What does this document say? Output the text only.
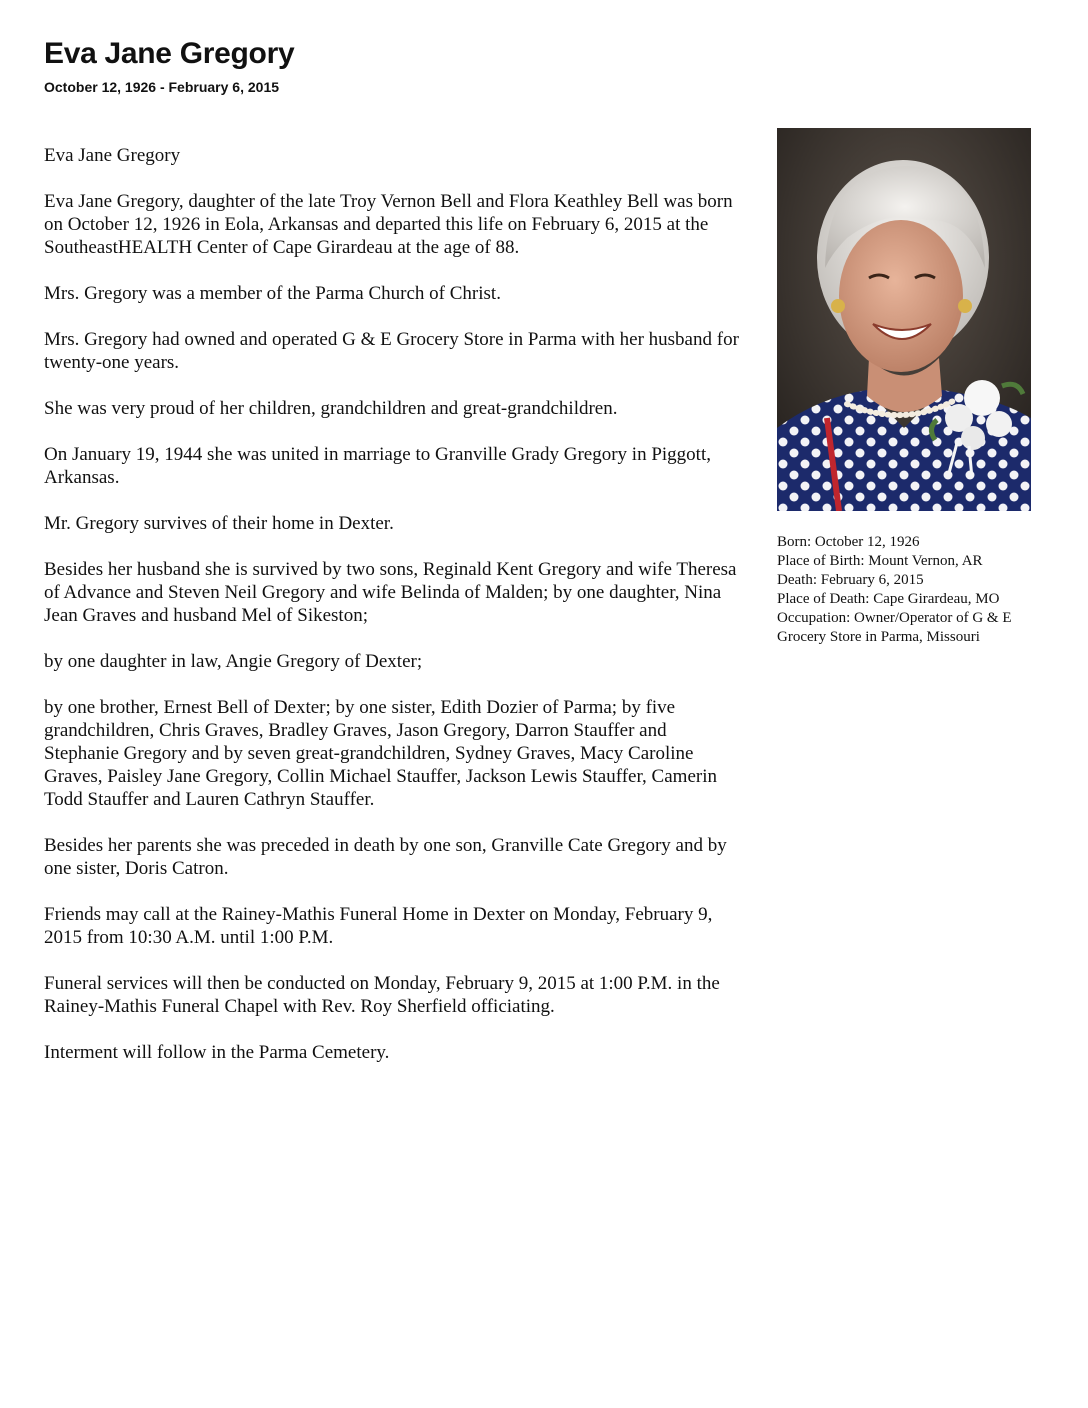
Eva Jane Gregory
October 12, 1926 - February 6, 2015

Eva Jane Gregory

Eva Jane Gregory, daughter of the late Troy Vernon Bell and Flora Keathley Bell was born on October 12, 1926 in Eola, Arkansas and departed this life on February 6, 2015 at the SoutheastHEALTH Center of Cape Girardeau at the age of 88.

Mrs. Gregory was a member of the Parma Church of Christ.

Mrs. Gregory had owned and operated G & E Grocery Store in Parma with her husband for twenty-one years.

She was very proud of her children, grandchildren and great-grandchildren.

On January 19, 1944 she was united in marriage to Granville Grady Gregory in Piggott, Arkansas.

Mr. Gregory survives of their home in Dexter.

Besides her husband she is survived by two sons, Reginald Kent Gregory and wife Theresa of Advance and Steven Neil Gregory and wife Belinda of Malden; by one daughter, Nina Jean Graves and husband Mel of Sikeston;

by one daughter in law, Angie Gregory of Dexter;

by one brother, Ernest Bell of Dexter; by one sister, Edith Dozier of Parma; by five grandchildren, Chris Graves, Bradley Graves, Jason Gregory, Darron Stauffer and Stephanie Gregory and by seven great-grandchildren, Sydney Graves, Macy Caroline Graves, Paisley Jane Gregory, Collin Michael Stauffer, Jackson Lewis Stauffer, Camerin Todd Stauffer and Lauren Cathryn Stauffer.

Besides her parents she was preceded in death by one son, Granville Cate Gregory and by one sister, Doris Catron.

Friends may call at the Rainey-Mathis Funeral Home in Dexter on Monday, February 9, 2015 from 10:30 A.M. until 1:00 P.M.

Funeral services will then be conducted on Monday, February 9, 2015 at 1:00 P.M. in the Rainey-Mathis Funeral Chapel with Rev. Roy Sherfield officiating.

Interment will follow in the Parma Cemetery.

Born: October 12, 1926
Place of Birth: Mount Vernon, AR
Death: February 6, 2015
Place of Death: Cape Girardeau, MO
Occupation: Owner/Operator of G & E Grocery Store in Parma, Missouri
